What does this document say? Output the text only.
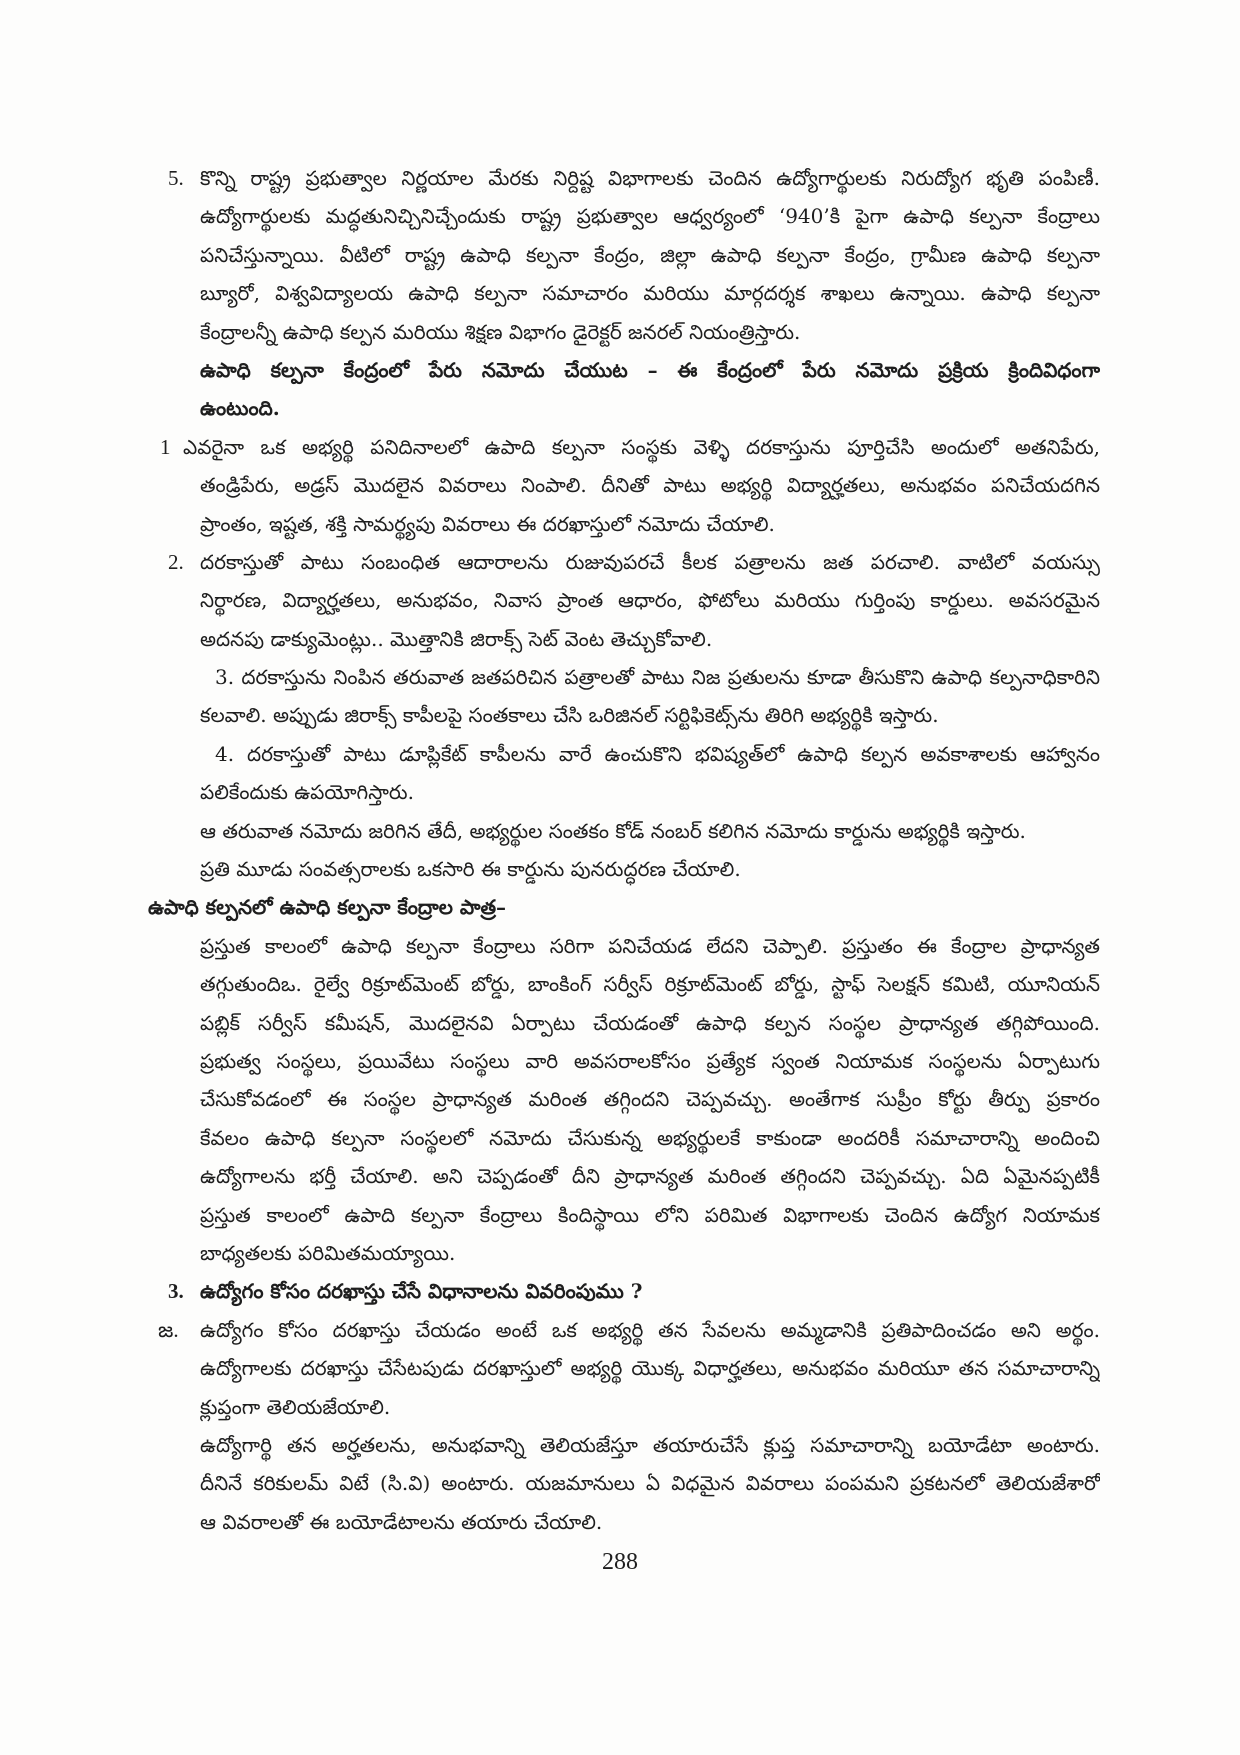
5. కొన్ని రాష్ట్ర ప్రభుత్వాల నిర్ణయాల మేరకు నిర్దిష్ట విభాగాలకు చెందిన ఉద్యోగార్థులకు నిరుద్యోగ భృతి పంపిణీ.
ఉద్యోగార్థులకు మద్ధతునిచ్చినిచ్చేందుకు రాష్ట్ర ప్రభుత్వాల ఆధ్వర్యంలో ‘940’కి పైగా ఉపాధి కల్పనా కేంద్రాలు
పనిచేస్తున్నాయి. వీటిలో రాష్ట్ర ఉపాధి కల్పనా కేంద్రం, జిల్లా ఉపాధి కల్పనా కేంద్రం, గ్రామీణ ఉపాధి కల్పనా
బ్యూరో, విశ్వవిద్యాలయ ఉపాధి కల్పనా సమాచారం మరియు మార్గదర్శక శాఖలు ఉన్నాయి. ఉపాధి కల్పనా
కేంద్రాలన్నీ ఉపాధి కల్పన మరియు శిక్షణ విభాగం డైరెక్టర్ జనరల్ నియంత్రిస్తారు.
ఉపాధి కల్పనా కేంద్రంలో పేరు నమోదు చేయుట – ఈ కేంద్రంలో పేరు నమోదు ప్రక్రియ క్రిందివిధంగా
ఉంటుంది.
1 ఎవరైనా ఒక అభ్యర్థి పనిదినాలలో ఉపాది కల్పనా సంస్థకు వెళ్ళి దరకాస్తును పూర్తిచేసి అందులో అతనిపేరు,
తండ్రిపేరు, అడ్రస్ మొదలైన వివరాలు నింపాలి. దీనితో పాటు అభ్యర్థి విద్యార్హతలు, అనుభవం పనిచేయదగిన
ప్రాంతం, ఇష్టత, శక్తి సామర్థ్యపు వివరాలు ఈ దరఖాస్తులో నమోదు చేయాలి.
2. దరకాస్తుతో పాటు సంబంధిత ఆదారాలను రుజువుపరచే కీలక పత్రాలను జత పరచాలి. వాటిలో వయస్సు
నిర్థారణ, విద్యార్హతలు, అనుభవం, నివాస ప్రాంత ఆధారం, ఫోటోలు మరియు గుర్తింపు కార్డులు. అవసరమైన
అదనపు డాక్యుమెంట్లు.. మొత్తానికి జిరాక్స్ సెట్ వెంట తెచ్చుకోవాలి.
3. దరకాస్తును నింపిన తరువాత జతపరిచిన పత్రాలతో పాటు నిజ ప్రతులను కూడా తీసుకొని ఉపాధి కల్పనాధికారిని
కలవాలి. అప్పుడు జిరాక్స్ కాపీలపై సంతకాలు చేసి ఒరిజినల్ సర్టిఫికెట్స్‌ను తిరిగి అభ్యర్థికి ఇస్తారు.
4. దరకాస్తుతో పాటు డూప్లికేట్ కాపీలను వారే ఉంచుకొని భవిష్యత్‌లో ఉపాధి కల్పన అవకాశాలకు ఆహ్వానం
పలికేందుకు ఉపయోగిస్తారు.
ఆ తరువాత నమోదు జరిగిన తేదీ, అభ్యర్థుల సంతకం కోడ్ నంబర్ కలిగిన నమోదు కార్డును అభ్యర్థికి ఇస్తారు.
ప్రతి మూడు సంవత్సరాలకు ఒకసారి ఈ కార్డును పునరుద్ధరణ చేయాలి.
ఉపాధి కల్పనలో ఉపాధి కల్పనా కేంద్రాల పాత్ర–
ప్రస్తుత కాలంలో ఉపాధి కల్పనా కేంద్రాలు సరిగా పనిచేయడ లేదని చెప్పాలి. ప్రస్తుతం ఈ కేంద్రాల ప్రాధాన్యత
తగ్గుతుందిఒ. రైల్వే రిక్రూట్‌మెంట్ బోర్డు, బాంకింగ్ సర్వీస్ రిక్రూట్‌మెంట్ బోర్డు, స్టాఫ్ సెలక్షన్ కమిటి, యూనియన్
పబ్లిక్ సర్వీస్ కమీషన్, మొదలైనవి ఏర్పాటు చేయడంతో ఉపాధి కల్పన సంస్థల ప్రాధాన్యత తగ్గిపోయింది.
ప్రభుత్వ సంస్థలు, ప్రయివేటు సంస్థలు వారి అవసరాలకోసం ప్రత్యేక స్వంత నియామక సంస్థలను ఏర్పాటుగు
చేసుకోవడంలో ఈ సంస్థల ప్రాధాన్యత మరింత తగ్గిందని చెప్పవచ్చు. అంతేగాక సుప్రీం కోర్టు తీర్పు ప్రకారం
కేవలం ఉపాధి కల్పనా సంస్థలలో నమోదు చేసుకున్న అభ్యర్థులకే కాకుండా అందరికీ సమాచారాన్ని అందించి
ఉద్యోగాలను భర్తీ చేయాలి. అని చెప్పడంతో దీని ప్రాధాన్యత మరింత తగ్గిందని చెప్పవచ్చు. ఏది ఏమైనప్పటికీ
ప్రస్తుత కాలంలో ఉపాది కల్పనా కేంద్రాలు కిందిస్థాయి లోని పరిమిత విభాగాలకు చెందిన ఉద్యోగ నియామక
బాధ్యతలకు పరిమితమయ్యాయి.
3. ఉద్యోగం కోసం దరఖాస్తు చేసే విధానాలను వివరింపుము ?
జ. ఉద్యోగం కోసం దరఖాస్తు చేయడం అంటే ఒక అభ్యర్థి తన సేవలను అమ్మడానికి ప్రతిపాదించడం అని అర్థం.
ఉద్యోగాలకు దరఖాస్తు చేసేటపుడు దరఖాస్తులో అభ్యర్థి యొక్క విధార్హతలు, అనుభవం మరియూ తన సమాచారాన్ని
క్లుప్తంగా తెలియజేయాలి.
ఉద్యోగార్థి తన అర్హతలను, అనుభవాన్ని తెలియజేస్తూ తయారుచేసే క్లుప్త సమాచారాన్ని బయోడేటా అంటారు.
దీనినే కరికులమ్ విటే (సి.వి) అంటారు. యజమానులు ఏ విధమైన వివరాలు పంపమని ప్రకటనలో తెలియజేశారో
ఆ వివరాలతో ఈ బయోడేటాలను తయారు చేయాలి.
288
